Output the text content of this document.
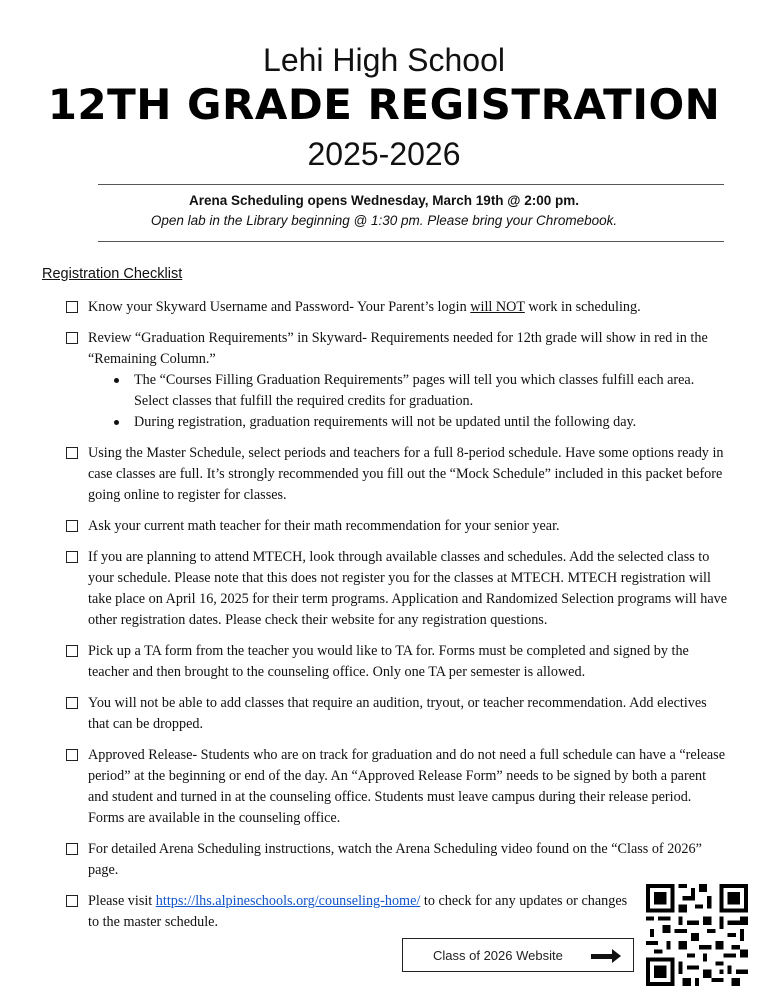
Lehi High School
12TH GRADE REGISTRATION
2025-2026
Arena Scheduling opens Wednesday, March 19th @ 2:00 pm.
Open lab in the Library beginning @ 1:30 pm. Please bring your Chromebook.
Registration Checklist
Know your Skyward Username and Password- Your Parent’s login will NOT work in scheduling.
Review “Graduation Requirements” in Skyward- Requirements needed for 12th grade will show in red in the “Remaining Column.”
The “Courses Filling Graduation Requirements” pages will tell you which classes fulfill each area. Select classes that fulfill the required credits for graduation.
During registration, graduation requirements will not be updated until the following day.
Using the Master Schedule, select periods and teachers for a full 8-period schedule. Have some options ready in case classes are full. It’s strongly recommended you fill out the “Mock Schedule” included in this packet before going online to register for classes.
Ask your current math teacher for their math recommendation for your senior year.
If you are planning to attend MTECH, look through available classes and schedules. Add the selected class to your schedule. Please note that this does not register you for the classes at MTECH. MTECH registration will take place on April 16, 2025 for their term programs. Application and Randomized Selection programs will have other registration dates. Please check their website for any registration questions.
Pick up a TA form from the teacher you would like to TA for. Forms must be completed and signed by the teacher and then brought to the counseling office. Only one TA per semester is allowed.
You will not be able to add classes that require an audition, tryout, or teacher recommendation. Add electives that can be dropped.
Approved Release- Students who are on track for graduation and do not need a full schedule can have a “release period” at the beginning or end of the day. An “Approved Release Form” needs to be signed by both a parent and student and turned in at the counseling office. Students must leave campus during their release period. Forms are available in the counseling office.
For detailed Arena Scheduling instructions, watch the Arena Scheduling video found on the “Class of 2026” page.
Please visit https://lhs.alpineschools.org/counseling-home/ to check for any updates or changes to the master schedule.
Class of 2026 Website
